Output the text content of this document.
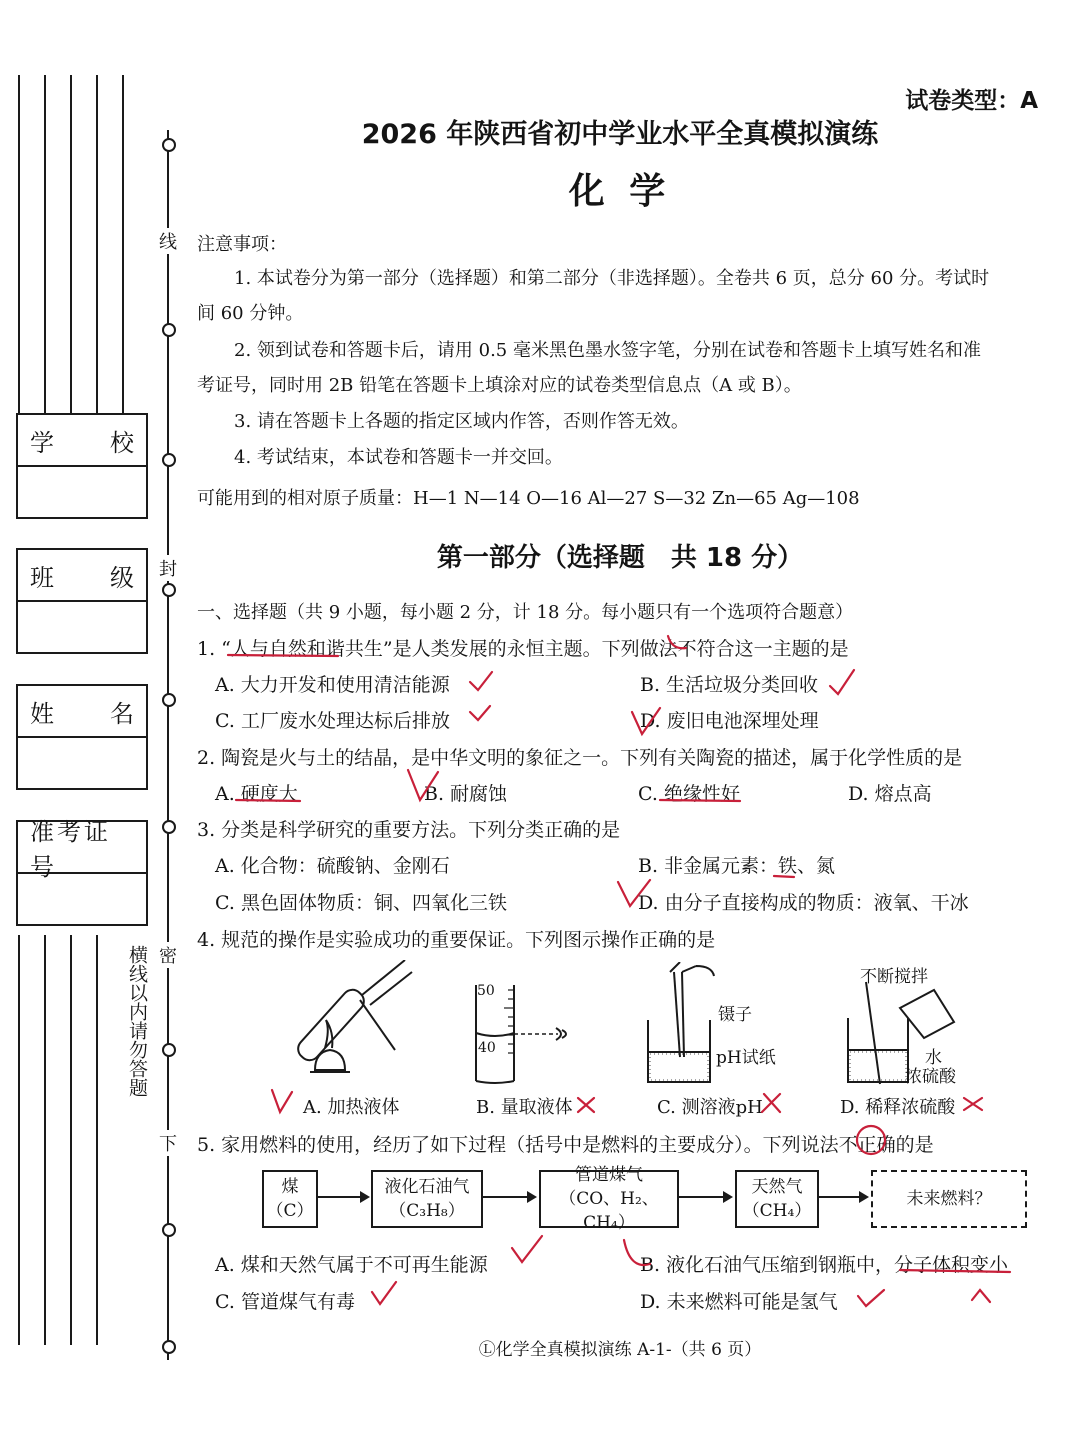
学 校
班 级
姓 名
准考证号
线
封
密
下
横线以内请勿答题
试卷类型：A
2026 年陕西省初中学业水平全真模拟演练
化 学
注意事项：
1. 本试卷分为第一部分（选择题）和第二部分（非选择题）。全卷共 6 页，总分 60 分。考试时
间 60 分钟。
2. 领到试卷和答题卡后，请用 0.5 毫米黑色墨水签字笔，分别在试卷和答题卡上填写姓名和准
考证号，同时用 2B 铅笔在答题卡上填涂对应的试卷类型信息点（A 或 B）。
3. 请在答题卡上各题的指定区域内作答，否则作答无效。
4. 考试结束，本试卷和答题卡一并交回。
可能用到的相对原子质量：H—1 N—14 O—16 Al—27 S—32 Zn—65 Ag—108
第一部分（选择题　共 18 分）
一、选择题（共 9 小题，每小题 2 分，计 18 分。每小题只有一个选项符合题意）
1. “人与自然和谐共生”是人类发展的永恒主题。下列做法不符合这一主题的是
A. 大力开发和使用清洁能源	B. 生活垃圾分类回收
C. 工厂废水处理达标后排放	D. 废旧电池深埋处理
2. 陶瓷是火与土的结晶，是中华文明的象征之一。下列有关陶瓷的描述，属于化学性质的是
A. 硬度大	B. 耐腐蚀	C. 绝缘性好	D. 熔点高
3. 分类是科学研究的重要方法。下列分类正确的是
A. 化合物：硫酸钠、金刚石	B. 非金属元素：铁、氮
C. 黑色固体物质：铜、四氧化三铁	D. 由分子直接构成的物质：液氧、干冰
4. 规范的操作是实验成功的重要保证。下列图示操作正确的是
A. 加热液体
50
40
B. 量取液体
镊子
pH试纸
C. 测溶液pH
不断搅拌
水
浓硫酸
D. 稀释浓硫酸
5. 家用燃料的使用，经历了如下过程（括号中是燃料的主要成分）。下列说法不正确的是
煤
（C）
液化石油气
（C₃H₈）
管道煤气
（CO、H₂、CH₄）
天然气
（CH₄）
未来燃料？
A. 煤和天然气属于不可再生能源	B. 液化石油气压缩到钢瓶中，分子体积变小
C. 管道煤气有毒	D. 未来燃料可能是氢气
Ⓛ化学全真模拟演练 A-1-（共 6 页）
